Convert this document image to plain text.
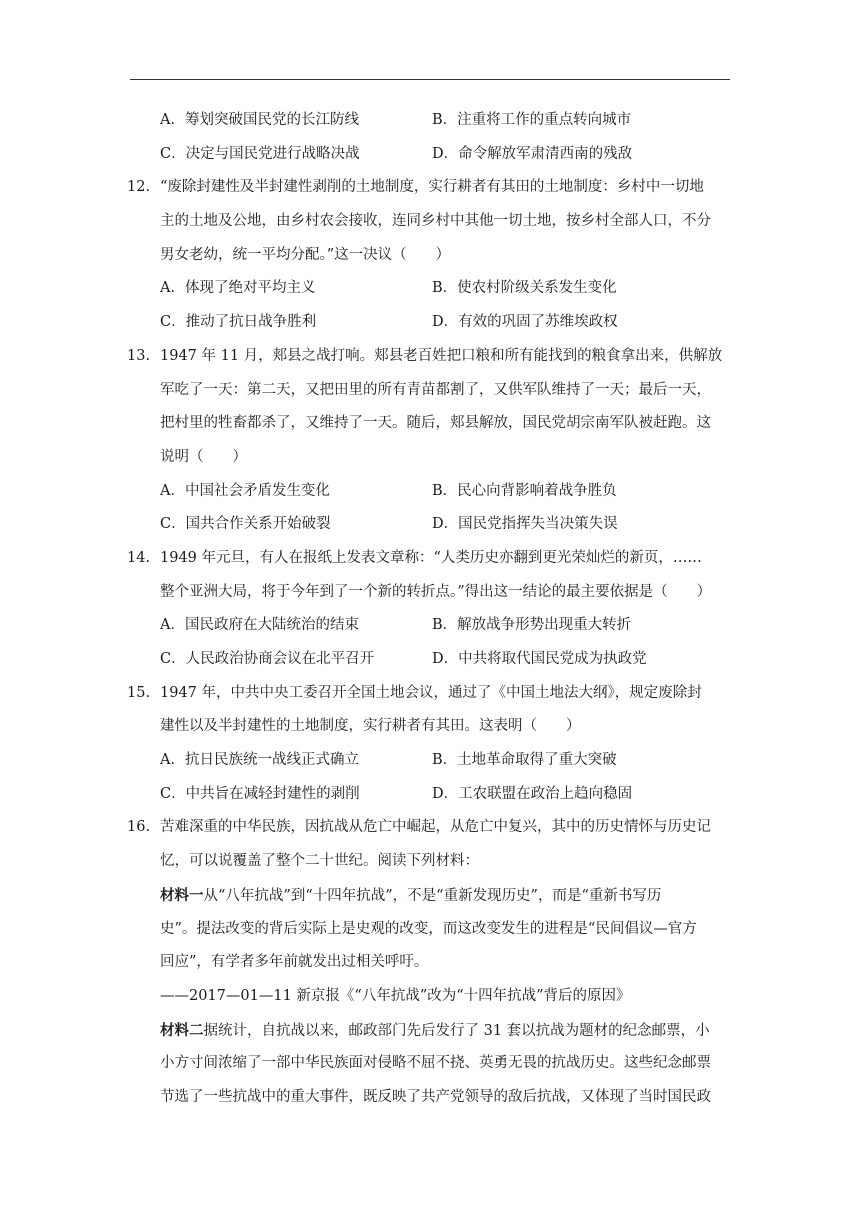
A．筹划突破国民党的长江防线	B．注重将工作的重点转向城市
C．决定与国民党进行战略决战	D．命令解放军肃清西南的残敌
12. “废除封建性及半封建性剥削的土地制度，实行耕者有其田的土地制度：乡村中一切地
主的土地及公地，由乡村农会接收，连同乡村中其他一切土地，按乡村全部人口，不分
男女老幼，统一平均分配。”这一决议（　　）
A．体现了绝对平均主义	B．使农村阶级关系发生变化
C．推动了抗日战争胜利	D．有效的巩固了苏维埃政权
13. 1947 年 11 月，郏县之战打响。郏县老百姓把口粮和所有能找到的粮食拿出来，供解放
军吃了一天：第二天，又把田里的所有青苗都割了，又供军队维持了一天；最后一天，
把村里的牲畜都杀了，又维持了一天。随后，郏县解放，国民党胡宗南军队被赶跑。这
说明（　　）
A．中国社会矛盾发生变化	B．民心向背影响着战争胜负
C．国共合作关系开始破裂	D．国民党指挥失当决策失误
14. 1949 年元旦，有人在报纸上发表文章称：“人类历史亦翻到更光荣灿烂的新页，……
整个亚洲大局，将于今年到了一个新的转折点。”得出这一结论的最主要依据是（　　）
A．国民政府在大陆统治的结束	B．解放战争形势出现重大转折
C．人民政治协商会议在北平召开	D．中共将取代国民党成为执政党
15. 1947 年，中共中央工委召开全国土地会议，通过了《中国土地法大纲》，规定废除封
建性以及半封建性的土地制度，实行耕者有其田。这表明（　　）
A．抗日民族统一战线正式确立	B．土地革命取得了重大突破
C．中共旨在减轻封建性的剥削	D．工农联盟在政治上趋向稳固
16. 苦难深重的中华民族，因抗战从危亡中崛起，从危亡中复兴，其中的历史情怀与历史记
忆，可以说覆盖了整个二十世纪。阅读下列材料：
材料一从“八年抗战”到“十四年抗战”，不是“重新发现历史”，而是“重新书写历
史”。提法改变的背后实际上是史观的改变，而这改变发生的进程是“民间倡议—官方
回应”，有学者多年前就发出过相关呼吁。
——2017—01—11 新京报《“八年抗战”改为“十四年抗战”背后的原因》
材料二据统计，自抗战以来，邮政部门先后发行了 31 套以抗战为题材的纪念邮票，小
小方寸间浓缩了一部中华民族面对侵略不屈不挠、英勇无畏的抗战历史。这些纪念邮票
节选了一些抗战中的重大事件，既反映了共产党领导的敌后抗战，又体现了当时国民政
